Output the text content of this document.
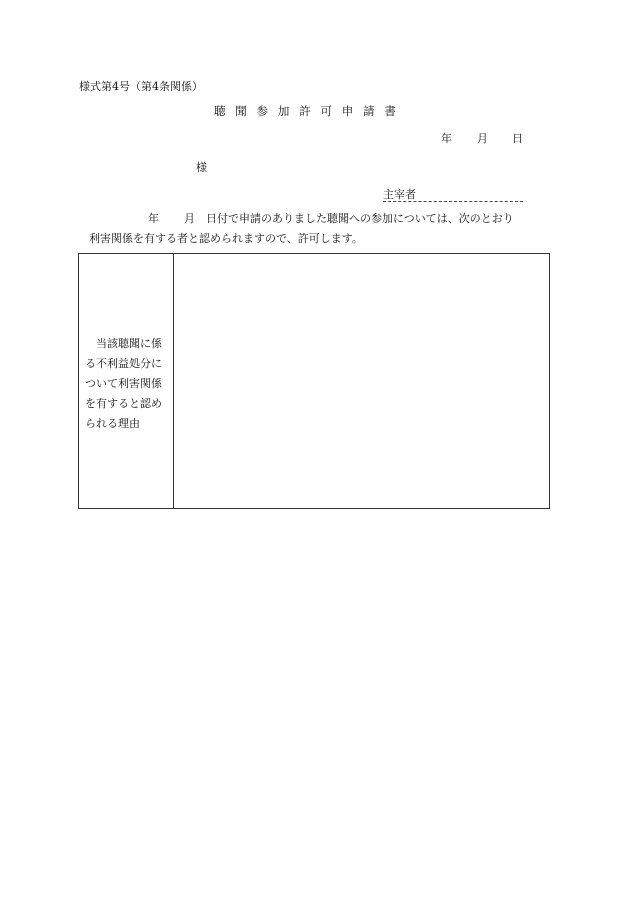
様式第4号（第4条関係）
聴聞参加許可申請書
年 月 日
様
主宰者
年 月 日付で申請のありました聴聞への参加については、次のとおり
利害関係を有する者と認められますので、許可します。
当該聴聞に係
る不利益処分に
ついて利害関係
を有すると認め
られる理由
